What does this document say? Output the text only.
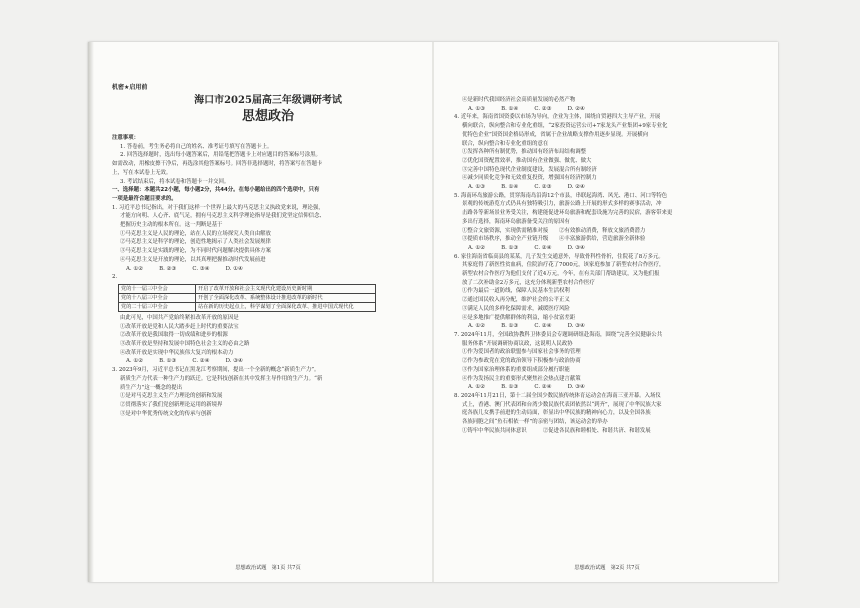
机密★启用前
海口市2025届高三年级调研考试
思想政治
注意事项：
1. 答卷前，考生务必将自己的姓名、准考证号填写在答题卡上。
2. 回答选择题时，选出每小题答案后，用铅笔把答题卡上对应题目的答案标号涂黑。
如需改动，用橡皮擦干净后，再选涂其他答案标号。回答非选择题时，将答案写在答题卡
上，写在本试卷上无效。
3. 考试结束后，将本试卷和答题卡一并交回。
一、选择题：本题共22小题，每小题2分，共44分。在每小题给出的四个选项中，只有
一项是最符合题目要求的。
1. 习近平总书记指出，对于我们这样一个世界上最大的马克思主义执政党来说，理论强，
才能方向明、人心齐、底气足，拥有马克思主义科学理论指导是我们党坚定信仰信念、
把握历史主动的根本所在。这一判断是基于
①马克思主义是人民的理论，站在人民的立场探究人类自由解放
②马克思主义是科学的理论，创造性地揭示了人类社会发展规律
③马克思主义是实践的理论，为不同时代问题解决提供具体方案
④马克思主义是开放的理论，以其真理把握推动时代发展前进
A. ①②　　　B. ②③　　　C. ③④　　　D. ①④
2.
党的十一届三中全会	开启了改革开放和社会主义现代化建设历史新时期
党的十八届三中全会	开创了全面深化改革、系统整体设计推进改革的新时代
党的二十届三中全会	站在新的历史起点上，科学谋划了全面深化改革、推进中国式现代化
由此可见，中国共产党始终紧扣改革开放的原因是
①改革开放是党和人民大踏步赶上时代的重要法宝
②改革开放是我国取得一切成绩和进步的根源
③改革开放是坚持和发展中国特色社会主义的必由之路
④改革开放是实现中华民族伟大复兴的根本动力
A. ①②　　　B. ①③　　　C. ②④　　　D. ③④
3. 2023年9月，习近平总书记在黑龙江考察期间，提出一个全新的概念“新质生产力”。
新质生产力代表一种生产力的跃迁。它是科技创新在其中发挥主导作用的生产力。“新
质生产力”这一概念的提出
①是对马克思主义生产力理论的创新和发展
②贯彻落实了我们党创新理论运用的新境界
③是对中华优秀传统文化的传承与创新
思想政治试题　第1页 共7页
④是新时代我国经济社会高质量发展的必然产物
A. ①③　　　B. ①④　　　C. ②③　　　D. ②④
4. 近年来，海南省国资委以市场为导向，企业为主体，围绕自贸港四大主导产业，开展
横向联合，纵向整合和专业化重组，“2家投资运营公司+7家龙头产业集团+9家专业化
优特色企业”国资国企格局形成，省属于企业战略支撑作用逐步显现。开展横向
联合，纵向整合和专业化重组的意在
①发挥各种所有制优势，推动国有经济布局结构调整
②优化国资配置效率，推动国有企业做强、做优、做大
③完善中国特色现代企业制度建设，发展混合所有制经济
④减少同质化竞争和无效重复投资，增强国有经济控制力
A. ①③　　　B. ①④　　　C. ②③　　　D. ②④
5. 海南环岛旅游公路，贯穿海南岛沿海12个市县，串联起海湾、风光、港口、河口等特色
景观的传统游览方式仍具有独特吸引力，旅游公路上开展的形式多样的赛事活动，冲
击路各等新场景业务受关注，构建能促进环岛旅游和配套设施为完善的民宿，游客带来更
多出行选择，海南环岛旅游备受关注的原因有
①整合文旅资源，实现供需精准对接　　②有效推动消费，释放文旅消费潜力
③提质市场秩序，推动全产业链升级　　④丰富旅游供给，营造旅游全新体验
A. ①②　　　B. ①③　　　C. ②④　　　D. ③④
6. 家住海南省临高县的某某，几子发生交通意外，导致骨科性骨折，住院花了8万多元。
其家庭得了新医性贫血病，住院治疗花了7000元，该家庭参加了新型农村合作医疗，
新型农村合作医疗为他们支付了近4万元，今年，在有关部门帮助建议，又为他们报
放了二次补助金2万多元，这充分体现新型农村合作医疗
①作为最后一道防线，保障人民基本生活权利
②通过国民收入再分配，维护社会的公平正义
③满足人民的多样化保障需求，减缓医疗风险
④是多地推广提供解群体的利益，缩小贫富差距
A. ①②　　　B. ①③　　　C. ②④　　　D. ③④
7. 2024年11月，全国政协教科卫体委员会专题调研组赴海南，围绕“完善全民健康公共
服务体系”开展调研协商议政，这说明人民政协
①作为爱国者的政治联盟参与国家社会事务的管理
②作为参政党在党的政治领导下积极参与政治协商
③作为国家治理体系的重要组成部分履行职能
④作为发扬民主的重要形式聚焦社会热点建言献策
A. ①②　　　B. ①③　　　C. ②④　　　D. ③④
8. 2024年11月21日，第十二届全国少数民族传统体育运动会在海南三亚开幕。入场仪
式上，香港、澳门代表团和台湾少数民族代表团依然以“到齐”，展现了中华民族大家
庭各族儿女携手前进的生动局面，彰显出中华民族的精神向心力，以及全国各族
各族同胞之间“鱼石相依一样”的亲密与团结，该运动会的举办
①铸牢中华民族共同体意识　　　②促进各民族和睦相处、和谐共济、和谐发展
思想政治试题　第2页 共7页
